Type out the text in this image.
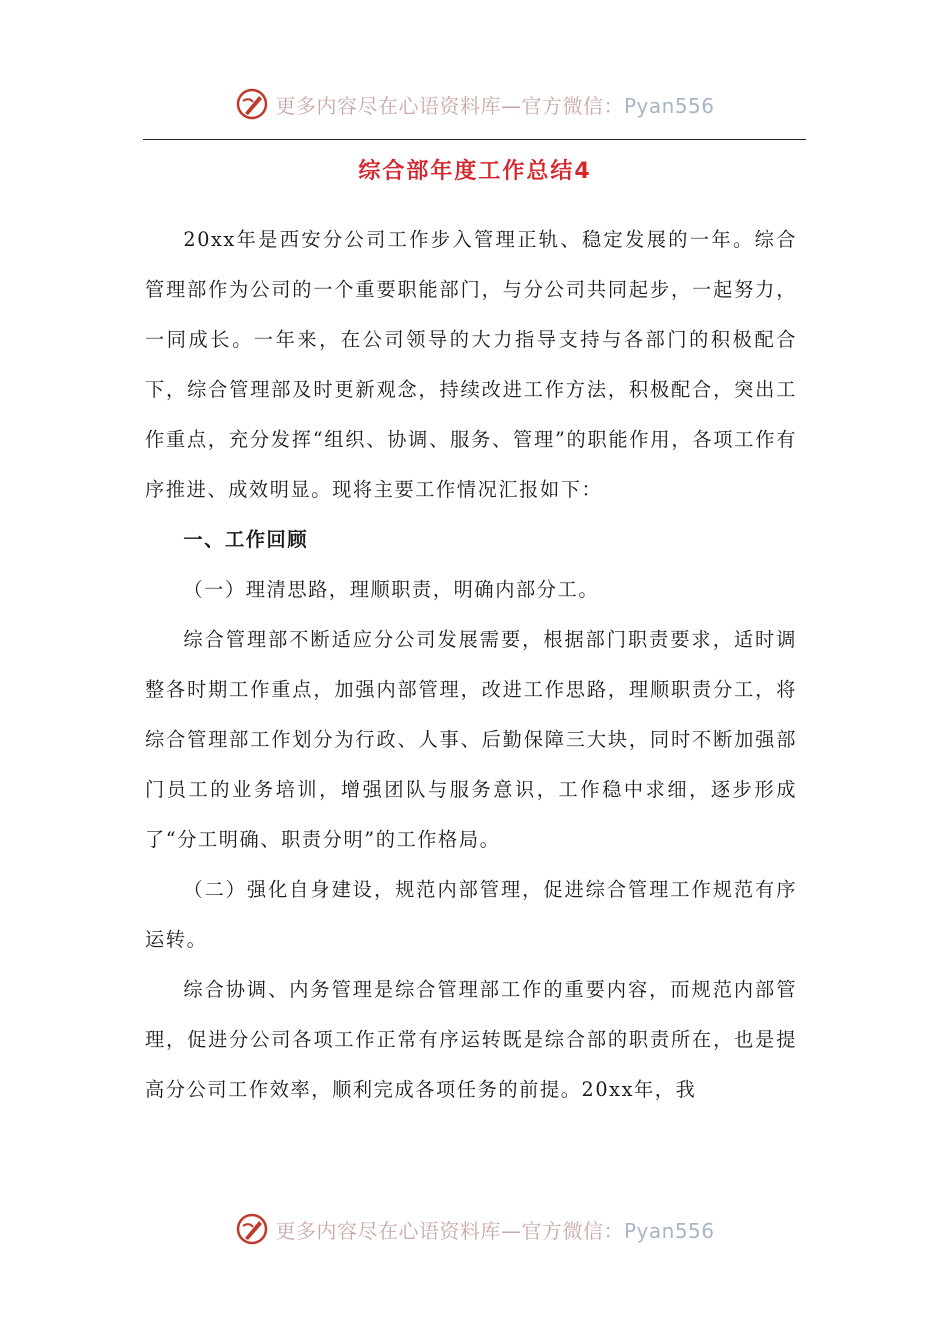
更多内容尽在心语资料库—官方微信：Pyan556
综合部年度工作总结4

20xx年是西安分公司工作步入管理正轨、稳定发展的一年。综合管理部作为公司的一个重要职能部门，与分公司共同起步，一起努力，一同成长。一年来，在公司领导的大力指导支持与各部门的积极配合下，综合管理部及时更新观念，持续改进工作方法，积极配合，突出工作重点，充分发挥“组织、协调、服务、管理”的职能作用，各项工作有序推进、成效明显。现将主要工作情况汇报如下：

一、工作回顾

（一）理清思路，理顺职责，明确内部分工。

综合管理部不断适应分公司发展需要，根据部门职责要求，适时调整各时期工作重点，加强内部管理，改进工作思路，理顺职责分工，将综合管理部工作划分为行政、人事、后勤保障三大块，同时不断加强部门员工的业务培训，增强团队与服务意识，工作稳中求细，逐步形成了“分工明确、职责分明”的工作格局。

（二）强化自身建设，规范内部管理，促进综合管理工作规范有序运转。

综合协调、内务管理是综合管理部工作的重要内容，而规范内部管理，促进分公司各项工作正常有序运转既是综合部的职责所在，也是提高分公司工作效率，顺利完成各项任务的前提。20xx年，我

更多内容尽在心语资料库—官方微信：Pyan556
